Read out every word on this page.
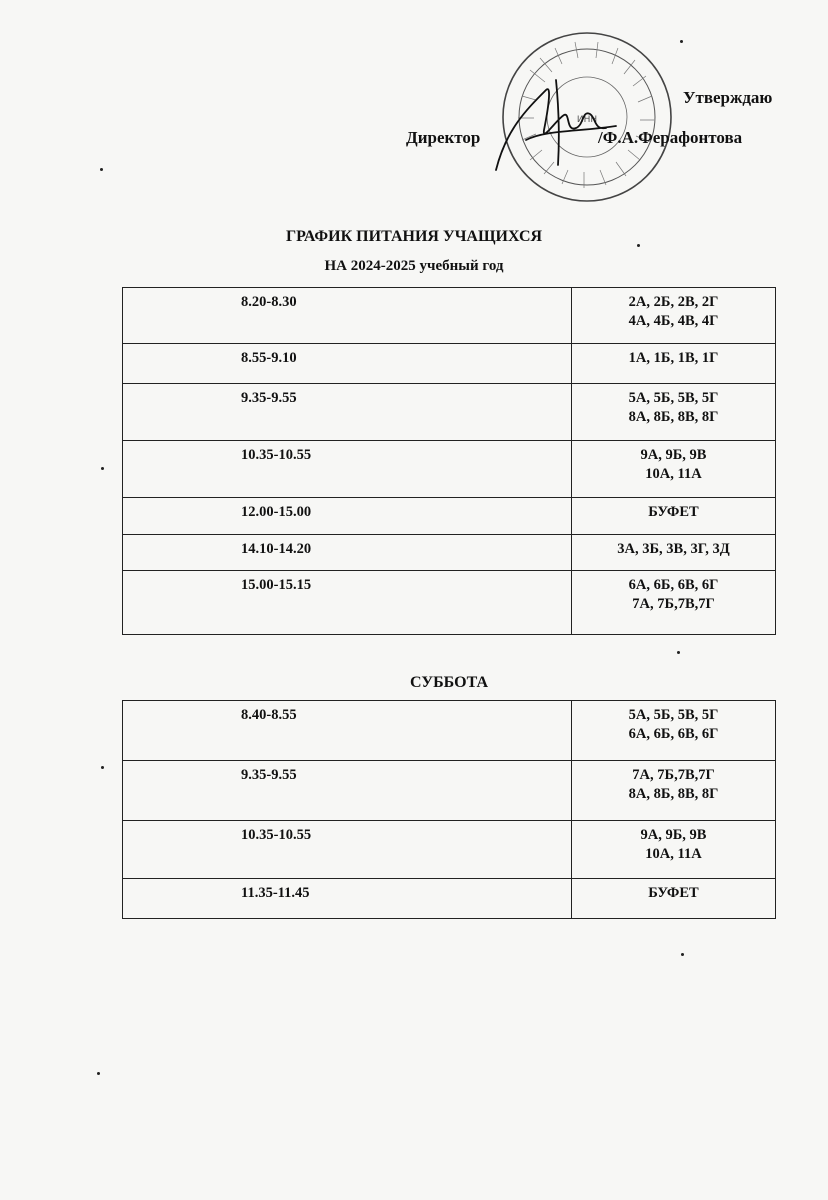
ИНН
Утверждаю
Директор	/Ф.А.Ферафонтова
ГРАФИК ПИТАНИЯ УЧАЩИХСЯ
НА 2024-2025 учебный год
8.20-8.30	2А, 2Б, 2В, 2Г
4А, 4Б, 4В, 4Г

8.55-9.10	1А, 1Б, 1В, 1Г

9.35-9.55	5А, 5Б, 5В, 5Г
8А, 8Б, 8В, 8Г

10.35-10.55	9А, 9Б, 9В
10А, 11А

12.00-15.00	БУФЕТ

14.10-14.20	3А, 3Б, 3В, 3Г, 3Д

15.00-15.15	6А, 6Б, 6В, 6Г
7А, 7Б,7В,7Г
СУББОТА
8.40-8.55	5А, 5Б, 5В, 5Г
6А, 6Б, 6В, 6Г

9.35-9.55	7А, 7Б,7В,7Г
8А, 8Б, 8В, 8Г

10.35-10.55	9А, 9Б, 9В
10А, 11А

11.35-11.45	БУФЕТ
